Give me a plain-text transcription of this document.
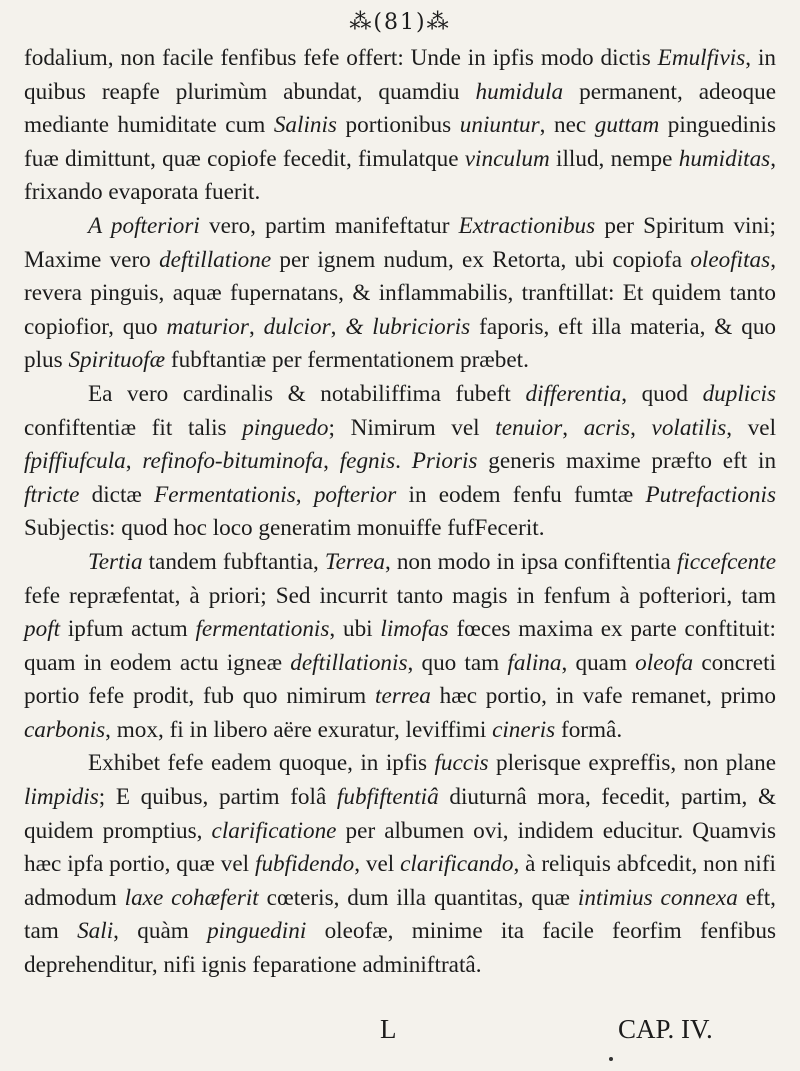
⁂(81)⁂

fodalium, non facile fenfibus fefe offert: Unde in ipfis modo dictis Emulfivis, in quibus reapfe plurimùm abundat, quamdiu humidula permanent, adeoque mediante humiditate cum Salinis portionibus uniuntur, nec guttam pinguedinis fuæ dimittunt, quæ copiofe fecedit, fimulatque vinculum illud, nempe humiditas, frixando evaporata fuerit.

A pofteriori vero, partim manifeftatur Extractionibus per Spiritum vini; Maxime vero deftillatione per ignem nudum, ex Retorta, ubi copiofa oleofitas, revera pinguis, aquæ fupernatans, & inflammabilis, tranftillat: Et quidem tanto copiofior, quo maturior, dulcior, & lubricioris faporis, eft illa materia, & quo plus Spirituofæ fubftantiæ per fermentationem præbet.

Ea vero cardinalis & notabiliffima fubeft differentia, quod duplicis confiftentiæ fit talis pinguedo; Nimirum vel tenuior, acris, volatilis, vel fpiffiufcula, refinofo-bituminofa, fegnis. Prioris generis maxime præfto eft in ftricte dictæ Fermentationis, pofterior in eodem fenfu fumtæ Putrefactionis Subjectis: quod hoc loco generatim monuiffe fufFecerit.

Tertia tandem fubftantia, Terrea, non modo in ipsa confiftentia ficcefcente fefe repræfentat, à priori; Sed incurrit tanto magis in fenfum à pofteriori, tam poft ipfum actum fermentationis, ubi limofas fœces maxima ex parte conftituit: quam in eodem actu igneæ deftillationis, quo tam falina, quam oleofa concreti portio fefe prodit, fub quo nimirum terrea hæc portio, in vafe remanet, primo carbonis, mox, fi in libero aëre exuratur, leviffimi cineris formâ.

Exhibet fefe eadem quoque, in ipfis fuccis plerisque expreffis, non plane limpidis; E quibus, partim folâ fubfiftentiâ diuturnâ mora, fecedit, partim, & quidem promptius, clarificatione per albumen ovi, indidem educitur. Quamvis hæc ipfa portio, quæ vel fubfidendo, vel clarificando, à reliquis abfcedit, non nifi admodum laxe cohæferit cœteris, dum illa quantitas, quæ intimius connexa eft, tam Sali, quàm pinguedini oleofæ, minime ita facile feorfim fenfibus deprehenditur, nifi ignis feparatione adminiftratâ.

L	CAP. IV.
